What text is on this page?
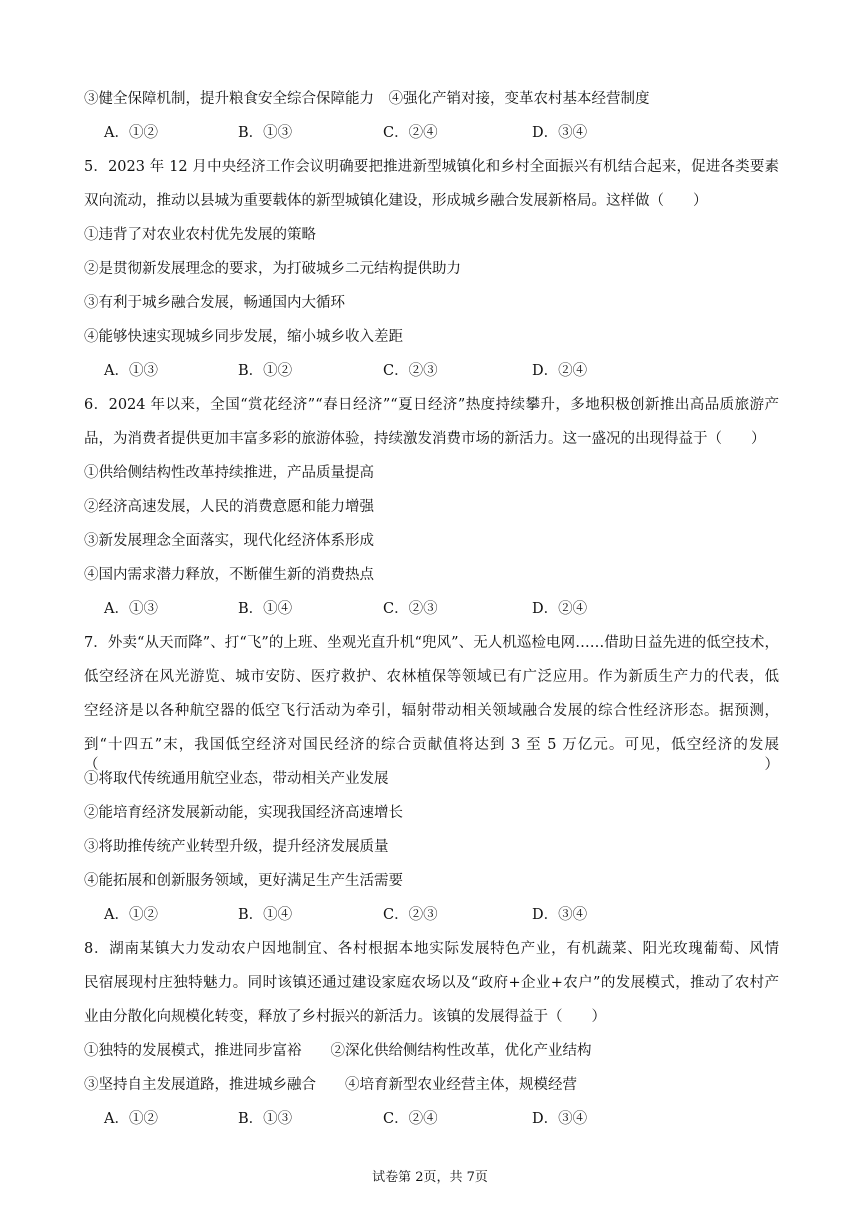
③健全保障机制，提升粮食安全综合保障能力　④强化产销对接，变革农村基本经营制度
A．①②	B．①③	C．②④	D．③④
5．2023 年 12 月中央经济工作会议明确要把推进新型城镇化和乡村全面振兴有机结合起来，促进各类要素
双向流动，推动以县城为重要载体的新型城镇化建设，形成城乡融合发展新格局。这样做（　　）
①违背了对农业农村优先发展的策略
②是贯彻新发展理念的要求，为打破城乡二元结构提供助力
③有利于城乡融合发展，畅通国内大循环
④能够快速实现城乡同步发展，缩小城乡收入差距
A．①③	B．①②	C．②③	D．②④
6．2024 年以来，全国“赏花经济”“春日经济”“夏日经济”热度持续攀升，多地积极创新推出高品质旅游产
品，为消费者提供更加丰富多彩的旅游体验，持续激发消费市场的新活力。这一盛况的出现得益于（　　）
①供给侧结构性改革持续推进，产品质量提高
②经济高速发展，人民的消费意愿和能力增强
③新发展理念全面落实，现代化经济体系形成
④国内需求潜力释放，不断催生新的消费热点
A．①③	B．①④	C．②③	D．②④
7．外卖“从天而降”、打“飞”的上班、坐观光直升机“兜风”、无人机巡检电网……借助日益先进的低空技术，
低空经济在风光游览、城市安防、医疗救护、农林植保等领域已有广泛应用。作为新质生产力的代表，低
空经济是以各种航空器的低空飞行活动为牵引，辐射带动相关领域融合发展的综合性经济形态。据预测，
到“十四五”末，我国低空经济对国民经济的综合贡献值将达到 3 至 5 万亿元。可见，低空经济的发展（　　）
①将取代传统通用航空业态，带动相关产业发展
②能培育经济发展新动能，实现我国经济高速增长
③将助推传统产业转型升级，提升经济发展质量
④能拓展和创新服务领域，更好满足生产生活需要
A．①②	B．①④	C．②③	D．③④
8．湖南某镇大力发动农户因地制宜、各村根据本地实际发展特色产业，有机蔬菜、阳光玫瑰葡萄、风情
民宿展现村庄独特魅力。同时该镇还通过建设家庭农场以及“政府+企业+农户”的发展模式，推动了农村产
业由分散化向规模化转变，释放了乡村振兴的新活力。该镇的发展得益于（　　）
①独特的发展模式，推进同步富裕　　②深化供给侧结构性改革，优化产业结构
③坚持自主发展道路，推进城乡融合　　④培育新型农业经营主体，规模经营
A．①②	B．①③	C．②④	D．③④
试卷第 2页，共 7页
